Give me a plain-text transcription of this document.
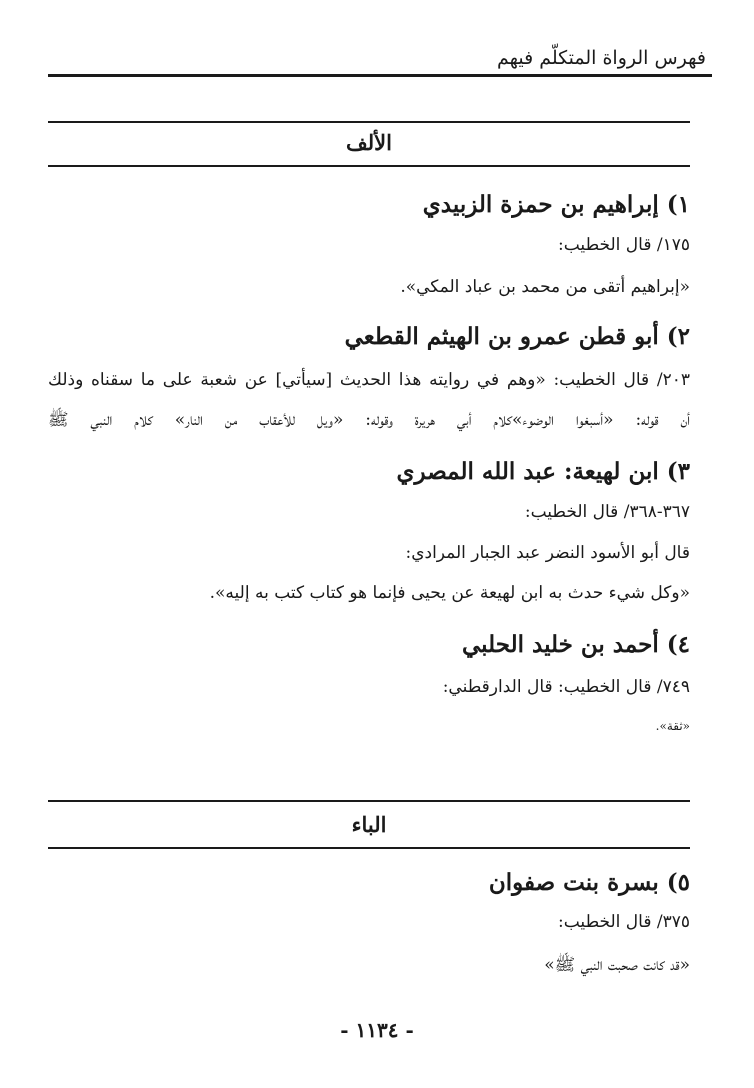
فهرس الرواة المتكلّم فيهم
الألف
١) إبراهيم بن حمزة الزبيدي
١٧٥/ قال الخطيب:
«إبراهيم أتقى من محمد بن عباد المكي».
٢) أبو قطن عمرو بن الهيثم القطعي
٢٠٣/ قال الخطيب: «وهم في روايته هذا الحديث [سيأتي] عن شعبة على ما سقناه وذلك
أن قوله: «أسبغوا الوضوء»كلام أبي هريرة وقوله: «ويل للأعقاب من النار» كلام النبي ﷺ
٣) ابن لهيعة: عبد الله المصري
٣٦٧-٣٦٨/ قال الخطيب:
قال أبو الأسود النضر عبد الجبار المرادي:
«وكل شيء حدث به ابن لهيعة عن يحيى فإنما هو كتاب كتب به إليه».
٤) أحمد بن خليد الحلبي
٧٤٩/ قال الخطيب: قال الدارقطني:
«ثقة».
الباء
٥) بسرة بنت صفوان
٣٧٥/ قال الخطيب:
«قد كانت صحبت النبي ﷺ»
- ١١٣٤ -
